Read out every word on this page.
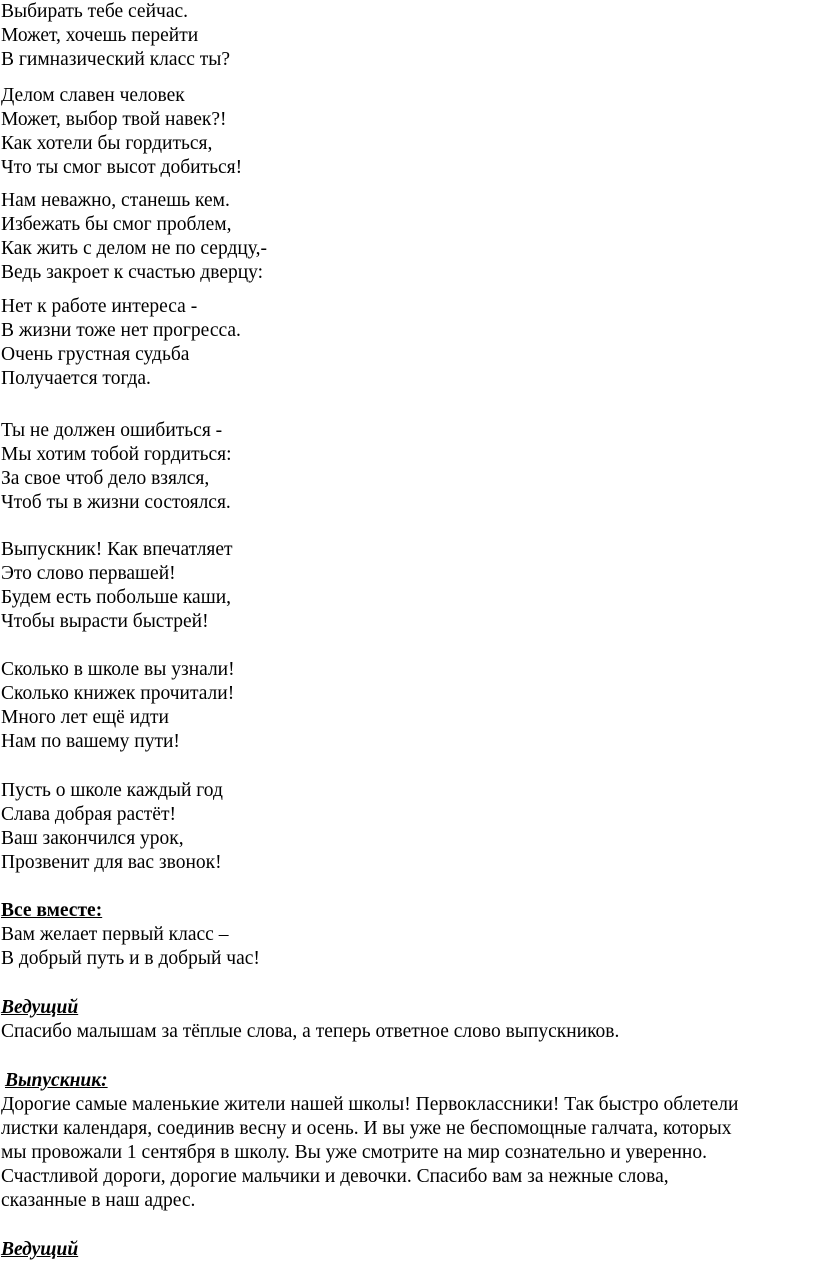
Выбирать тебе сейчас.
Может, хочешь перейти
В гимназический класс ты?
Делом славен человек
Может, выбор твой навек?!
Как хотели бы гордиться,
Что ты смог высот добиться!
Нам неважно, станешь кем.
Избежать бы смог проблем,
Как жить с делом не по сердцу,-
Ведь закроет к счастью дверцу:
Нет к работе интереса -
В жизни тоже нет прогресса.
Очень грустная судьба
Получается тогда.
Ты не должен ошибиться -
Мы хотим тобой гордиться:
За свое чтоб дело взялся,
Чтоб ты в жизни состоялся.
Выпускник! Как впечатляет
Это слово первашей!
Будем есть побольше каши,
Чтобы вырасти быстрей!
Сколько в школе вы узнали!
Сколько книжек прочитали!
Много лет ещё идти
Нам по вашему пути!
Пусть о школе каждый год
Слава добрая растёт!
Ваш закончился урок,
Прозвенит для вас звонок!
Все вместе:
Вам желает первый класс –
В добрый путь и в добрый час!
Ведущий
Спасибо малышам за тёплые слова, а теперь ответное слово выпускников.
Выпускник:
Дорогие самые маленькие жители нашей школы! Первоклассники! Так быстро облетели
листки календаря, соединив весну и осень. И вы уже не беспомощные галчата, которых
мы провожали 1 сентября в школу. Вы уже смотрите на мир сознательно и уверенно.
Счастливой дороги, дорогие мальчики и девочки. Спасибо вам за нежные слова,
сказанные в наш адрес.
Ведущий
